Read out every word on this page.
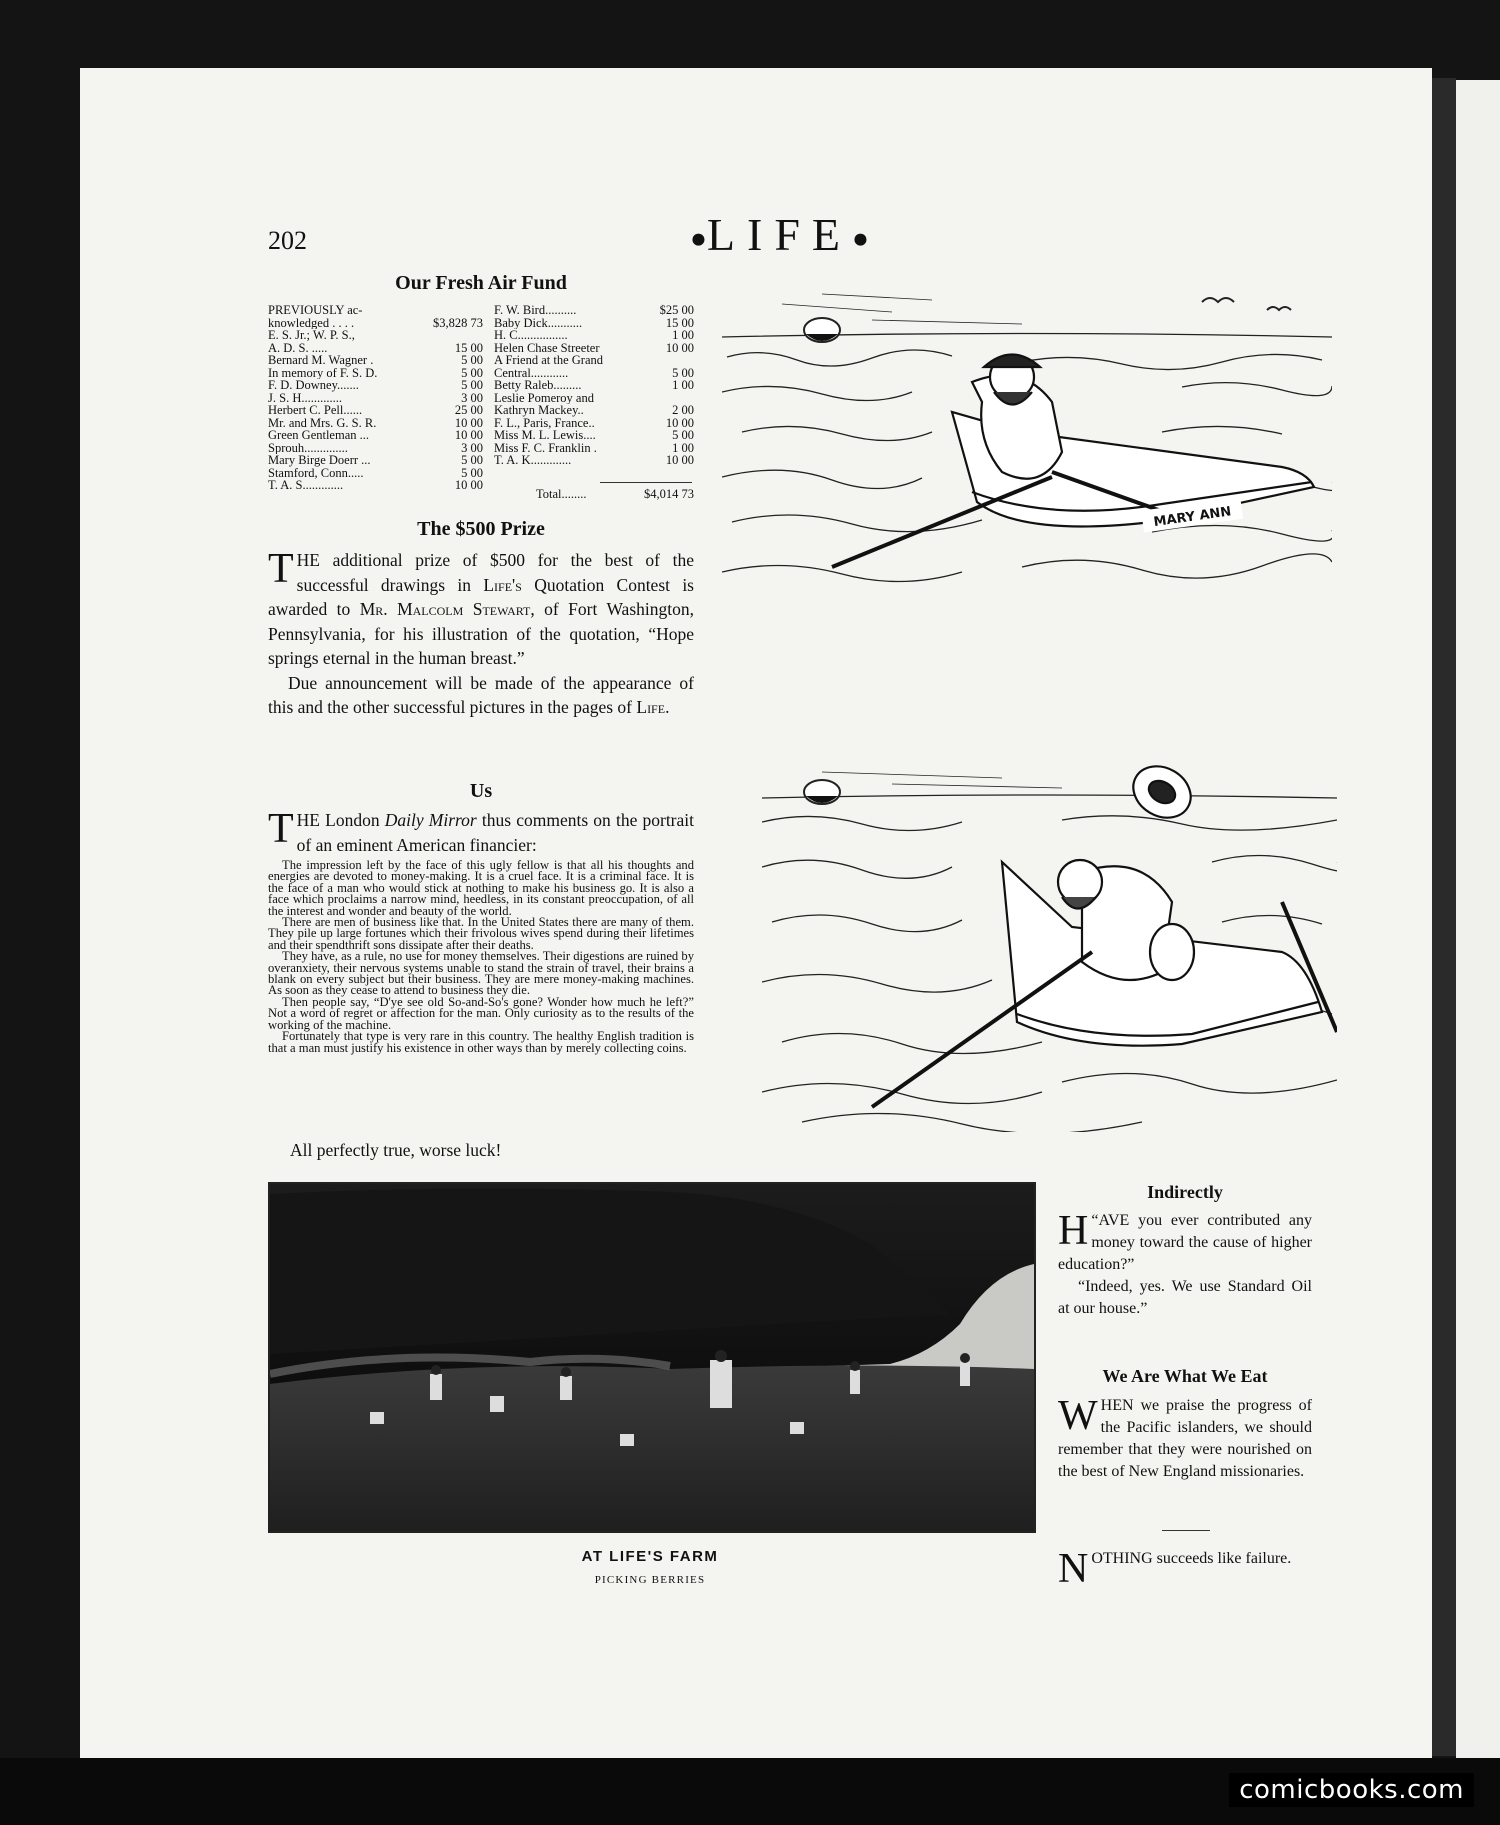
comicbooks.com
202	●LIFE●
Our Fresh Air Fund
PREVIOUSLY ac-
knowledged . . . .	$3,828 73
E. S. Jr.; W. P. S.,
A. D. S. .....	15 00
Bernard M. Wagner .	5 00
In memory of F. S. D.	5 00
F. D. Downey.......	5 00
J. S. H.............	3 00
Herbert C. Pell......	25 00
Mr. and Mrs. G. S. R.	10 00
Green Gentleman ...	10 00
Sprouh..............	3 00
Mary Birge Doerr ...	5 00
Stamford, Conn.....	5 00
T. A. S.............	10 00
F. W. Bird..........	$25 00
Baby Dick...........	15 00
H. C................	1 00
Helen Chase Streeter	10 00
A Friend at the Grand
Central............	5 00
Betty Raleb.........	1 00
Leslie Pomeroy and
Kathryn Mackey..	2 00
F. L., Paris, France..	10 00
Miss M. L. Lewis....	5 00
Miss F. C. Franklin .	1 00
T. A. K.............	10 00
Total........	$4,014 73
The $500 Prize

THE additional prize of $500 for the best of the successful drawings in Life's Quotation Contest is awarded to Mr. Malcolm Stewart, of Fort Washington, Pennsylvania, for his illustration of the quotation, “Hope springs eternal in the human breast.”

Due announcement will be made of the appearance of this and the other successful pictures in the pages of Life.

Us

THE London Daily Mirror thus comments on the portrait of an eminent American financier:

The impression left by the face of this ugly fellow is that all his thoughts and energies are devoted to money-making. It is a cruel face. It is a criminal face. It is the face of a man who would stick at nothing to make his business go. It is also a face which proclaims a narrow mind, heedless, in its constant preoccupation, of all the interest and wonder and beauty of the world.

There are men of business like that. In the United States there are many of them. They pile up large fortunes which their frivolous wives spend during their lifetimes and their spendthrift sons dissipate after their deaths.

They have, as a rule, no use for money themselves. Their digestions are ruined by overanxiety, their nervous systems unable to stand the strain of travel, their brains a blank on every subject but their business. They are mere money-making machines. As soon as they cease to attend to business they die.

Then people say, “D'ye see old So-and-So's gone? Wonder how much he left?” Not a word of regret or affection for the man. Only curiosity as to the results of the working of the machine.

Fortunately that type is very rare in this country. The healthy English tradition is that a man must justify his existence in other ways than by merely collecting coins.

All perfectly true, worse luck!
MARY ANN
AT LIFE'S FARM
PICKING BERRIES
Indirectly

“
H AVE you ever contributed any money toward the cause of higher education?”

“Indeed, yes. We use Standard Oil at our house.”

We Are What We Eat

WHEN we praise the progress of the Pacific islanders, we should remember that they were nourished on the best of New England missionaries.

NOTHING succeeds like failure.
